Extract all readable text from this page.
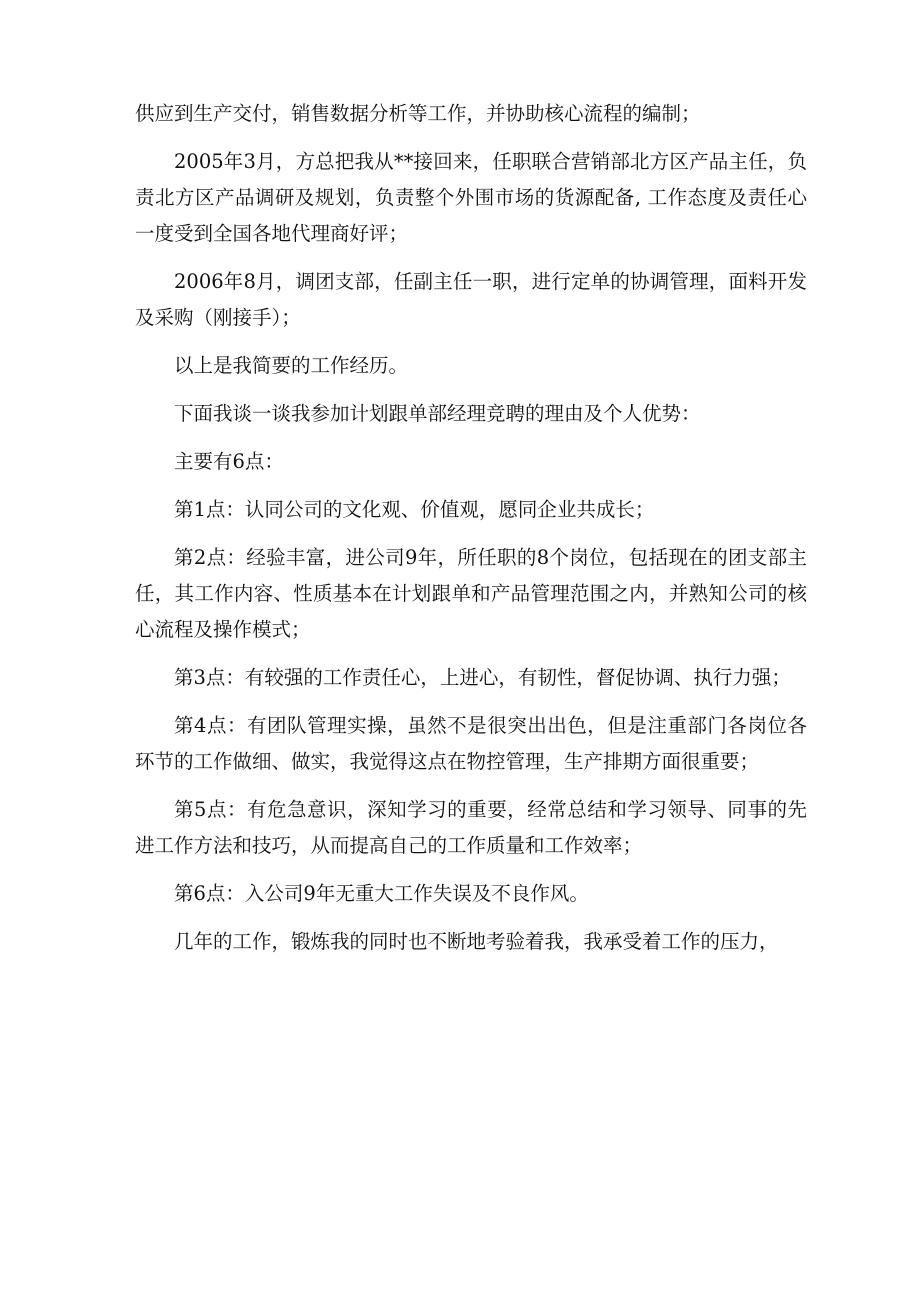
供应到生产交付，销售数据分析等工作，并协助核心流程的编制；

2005年3月，方总把我从**接回来，任职联合营销部北方区产品主任，负责北方区产品调研及规划，负责整个外围市场的货源配备, 工作态度及责任心一度受到全国各地代理商好评；

2006年8月，调团支部，任副主任一职，进行定单的协调管理，面料开发及采购（刚接手）；

以上是我简要的工作经历。

下面我谈一谈我参加计划跟单部经理竞聘的理由及个人优势：

主要有6点：

第1点：认同公司的文化观、价值观，愿同企业共成长；

第2点：经验丰富，进公司9年，所任职的8个岗位，包括现在的团支部主任，其工作内容、性质基本在计划跟单和产品管理范围之内，并熟知公司的核心流程及操作模式；

第3点：有较强的工作责任心，上进心，有韧性，督促协调、执行力强；

第4点：有团队管理实操，虽然不是很突出出色，但是注重部门各岗位各环节的工作做细、做实，我觉得这点在物控管理，生产排期方面很重要；

第5点：有危急意识，深知学习的重要，经常总结和学习领导、同事的先进工作方法和技巧，从而提高自己的工作质量和工作效率；

第6点：入公司9年无重大工作失误及不良作风。

几年的工作，锻炼我的同时也不断地考验着我，我承受着工作的压力，
